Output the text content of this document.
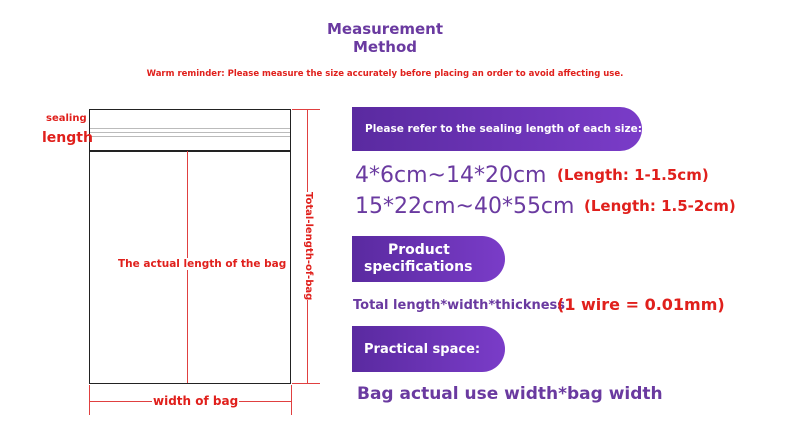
Measurement
Method
Warm reminder: Please measure the size accurately before placing an order to avoid affecting use.
sealing
length
The actual length of the bag Total-length-of-bag
width of bag
Please refer to the sealing length of each size:
4*6cm~14*20cm (Length: 1-1.5cm)
15*22cm~40*55cm (Length: 1.5-2cm)
Product
specifications
Total length*width*thickness
(1 wire = 0.01mm)
Practical space:
Bag actual use width*bag width
